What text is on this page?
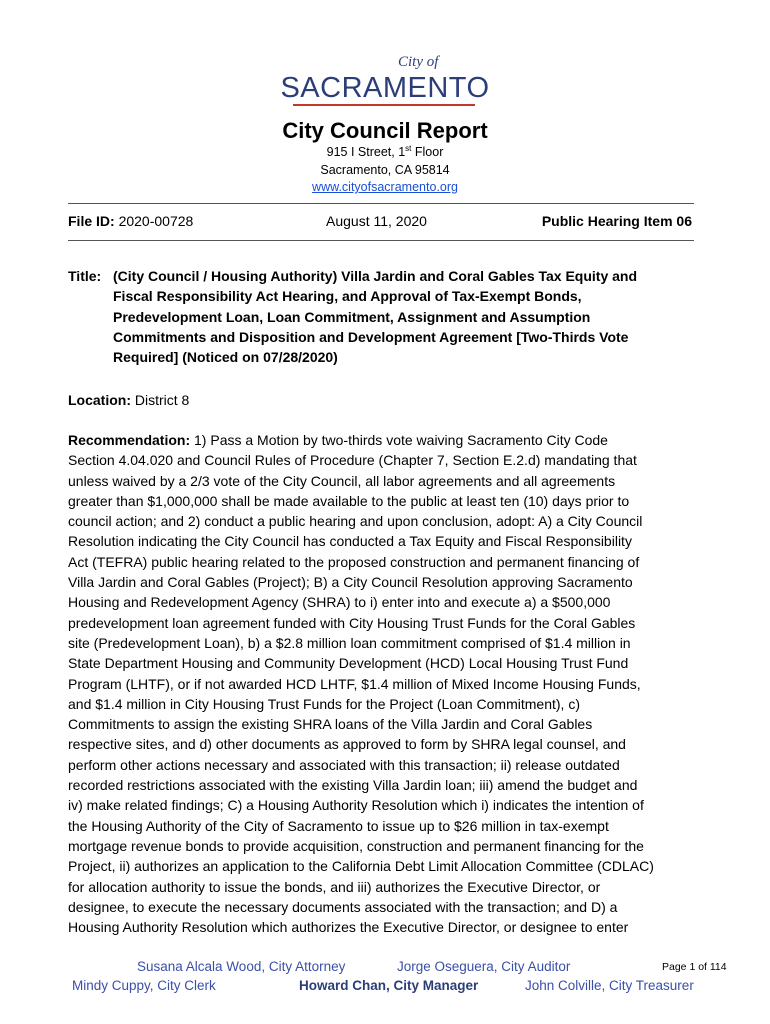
City of
SACRAMENTO
City Council Report
915 I Street, 1st Floor
Sacramento, CA 95814
www.cityofsacramento.org
File ID: 2020-00728	August 11, 2020	Public Hearing Item 06
Title: (City Council / Housing Authority) Villa Jardin and Coral Gables Tax Equity and
Fiscal Responsibility Act Hearing, and Approval of Tax-Exempt Bonds,
Predevelopment Loan, Loan Commitment, Assignment and Assumption
Commitments and Disposition and Development Agreement [Two-Thirds Vote
Required] (Noticed on 07/28/2020)
Location: District 8
Recommendation: 1) Pass a Motion by two-thirds vote waiving Sacramento City Code
Section 4.04.020 and Council Rules of Procedure (Chapter 7, Section E.2.d) mandating that
unless waived by a 2/3 vote of the City Council, all labor agreements and all agreements
greater than $1,000,000 shall be made available to the public at least ten (10) days prior to
council action; and 2) conduct a public hearing and upon conclusion, adopt: A) a City Council
Resolution indicating the City Council has conducted a Tax Equity and Fiscal Responsibility
Act (TEFRA) public hearing related to the proposed construction and permanent financing of
Villa Jardin and Coral Gables (Project); B) a City Council Resolution approving Sacramento
Housing and Redevelopment Agency (SHRA) to i) enter into and execute a) a $500,000
predevelopment loan agreement funded with City Housing Trust Funds for the Coral Gables
site (Predevelopment Loan), b) a $2.8 million loan commitment comprised of $1.4 million in
State Department Housing and Community Development (HCD) Local Housing Trust Fund
Program (LHTF), or if not awarded HCD LHTF, $1.4 million of Mixed Income Housing Funds,
and $1.4 million in City Housing Trust Funds for the Project (Loan Commitment), c)
Commitments to assign the existing SHRA loans of the Villa Jardin and Coral Gables
respective sites, and d) other documents as approved to form by SHRA legal counsel, and
perform other actions necessary and associated with this transaction; ii) release outdated
recorded restrictions associated with the existing Villa Jardin loan; iii) amend the budget and
iv) make related findings; C) a Housing Authority Resolution which i) indicates the intention of
the Housing Authority of the City of Sacramento to issue up to $26 million in tax-exempt
mortgage revenue bonds to provide acquisition, construction and permanent financing for the
Project, ii) authorizes an application to the California Debt Limit Allocation Committee (CDLAC)
for allocation authority to issue the bonds, and iii) authorizes the Executive Director, or
designee, to execute the necessary documents associated with the transaction; and D) a
Housing Authority Resolution which authorizes the Executive Director, or designee to enter
Susana Alcala Wood, City Attorney	Jorge Oseguera, City Auditor	Page 1 of 114
Mindy Cuppy, City Clerk	Howard Chan, City Manager	John Colville, City Treasurer
